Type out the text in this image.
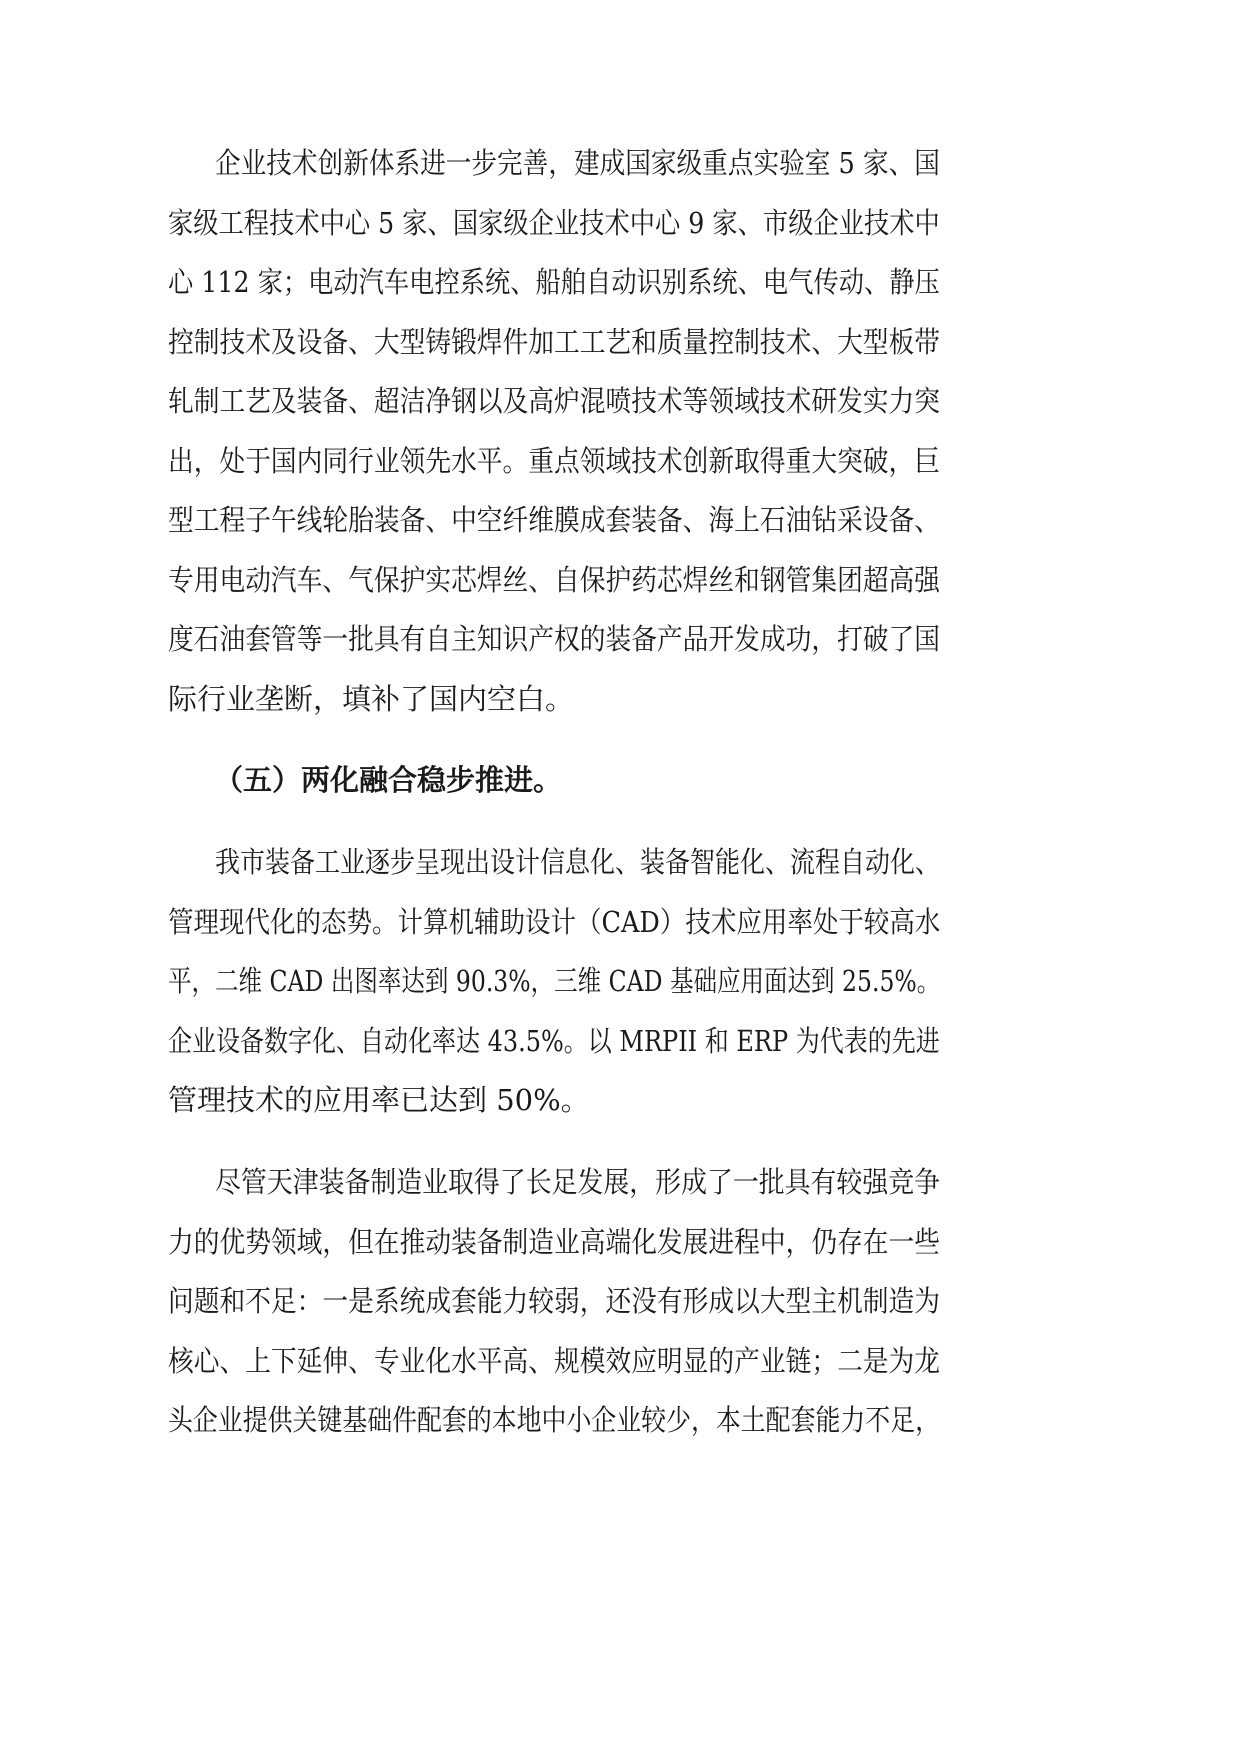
企业技术创新体系进一步完善，建成国家级重点实验室 5 家、国
家级工程技术中心 5 家、国家级企业技术中心 9 家、市级企业技术中
心 112 家；电动汽车电控系统、船舶自动识别系统、电气传动、静压
控制技术及设备、大型铸锻焊件加工工艺和质量控制技术、大型板带
轧制工艺及装备、超洁净钢以及高炉混喷技术等领域技术研发实力突
出，处于国内同行业领先水平。重点领域技术创新取得重大突破，巨
型工程子午线轮胎装备、中空纤维膜成套装备、海上石油钻采设备、
专用电动汽车、气保护实芯焊丝、自保护药芯焊丝和钢管集团超高强
度石油套管等一批具有自主知识产权的装备产品开发成功，打破了国
际行业垄断，填补了国内空白。
（五）两化融合稳步推进。
我市装备工业逐步呈现出设计信息化、装备智能化、流程自动化、
管理现代化的态势。计算机辅助设计（CAD）技术应用率处于较高水
平，二维 CAD 出图率达到 90.3%，三维 CAD 基础应用面达到 25.5%。
企业设备数字化、自动化率达 43.5%。以 MRPII 和 ERP 为代表的先进
管理技术的应用率已达到 50%。
尽管天津装备制造业取得了长足发展，形成了一批具有较强竞争
力的优势领域，但在推动装备制造业高端化发展进程中，仍存在一些
问题和不足：一是系统成套能力较弱，还没有形成以大型主机制造为
核心、上下延伸、专业化水平高、规模效应明显的产业链；二是为龙
头企业提供关键基础件配套的本地中小企业较少，本土配套能力不足，
